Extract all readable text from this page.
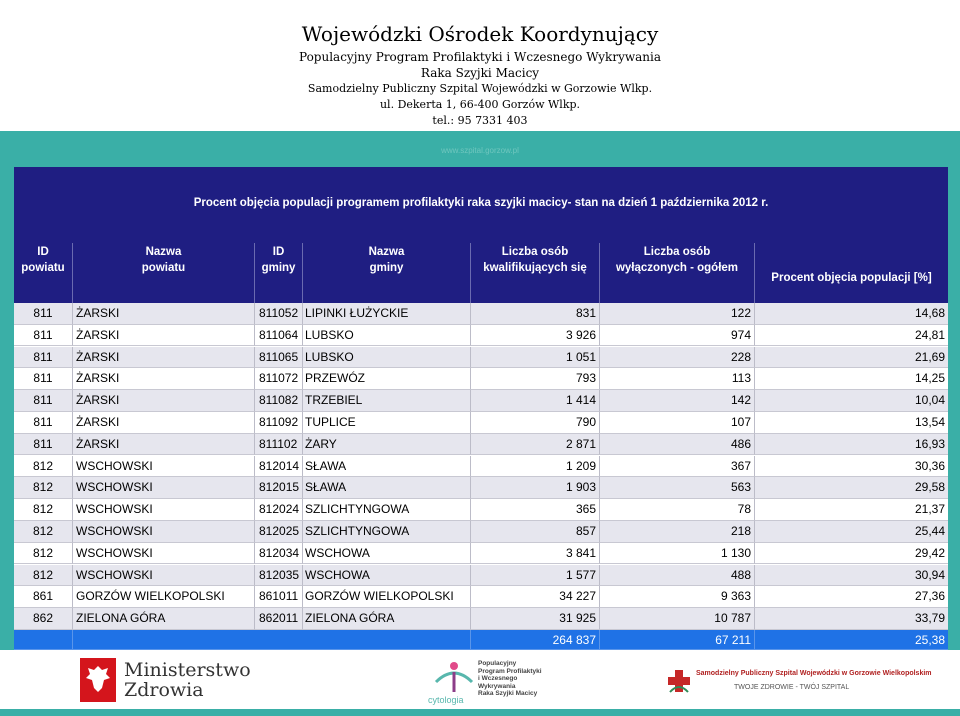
Wojewódzki Ośrodek Koordynujący
Populacyjny Program Profilaktyki i Wczesnego Wykrywania
Raka Szyjki Macicy
Samodzielny Publiczny Szpital Wojewódzki w Gorzowie Wlkp.
ul. Dekerta 1, 66-400 Gorzów Wlkp.
tel.: 95 7331 403
www.szpital.gorzow.pl
Procent objęcia populacji programem profilaktyki raka szyjki macicy- stan na dzień 1 października 2012 r.
ID
powiatu
Nazwa
powiatu
ID
gminy
Nazwa
gminy
Liczba osób
kwalifikujących się
Liczba osób
wyłączonych - ogółem
Procent objęcia populacji [%]
811	ŻARSKI	811052 LIPINKI ŁUŻYCKIE	831	122	14,68
811	ŻARSKI	811064 LUBSKO	3 926	974	24,81
811	ŻARSKI	811065 LUBSKO	1 051	228	21,69
811	ŻARSKI	811072 PRZEWÓZ	793	113	14,25
811	ŻARSKI	811082 TRZEBIEL	1 414	142	10,04
811	ŻARSKI	811092 TUPLICE	790	107	13,54
811	ŻARSKI	811102 ŻARY	2 871	486	16,93
812	WSCHOWSKI	812014 SŁAWA	1 209	367	30,36
812	WSCHOWSKI	812015 SŁAWA	1 903	563	29,58
812	WSCHOWSKI	812024 SZLICHTYNGOWA	365	78	21,37
812	WSCHOWSKI	812025 SZLICHTYNGOWA	857	218	25,44
812	WSCHOWSKI	812034 WSCHOWA	3 841	1 130	29,42
812	WSCHOWSKI	812035 WSCHOWA	1 577	488	30,94
861	GORZÓW WIELKOPOLSKI	861011 GORZÓW WIELKOPOLSKI	34 227	9 363	27,36
862	ZIELONA GÓRA	862011 ZIELONA GÓRA	31 925	10 787	33,79
264 837	67 211	25,38
Ministerstwo
Zdrowia
Populacyjny
Program Profilaktyki
i Wczesnego
Wykrywania
Raka Szyjki Macicy
cytologia
Samodzielny Publiczny Szpital Wojewódzki w Gorzowie Wielkopolskim
TWOJE ZDROWIE - TWÓJ SZPITAL
